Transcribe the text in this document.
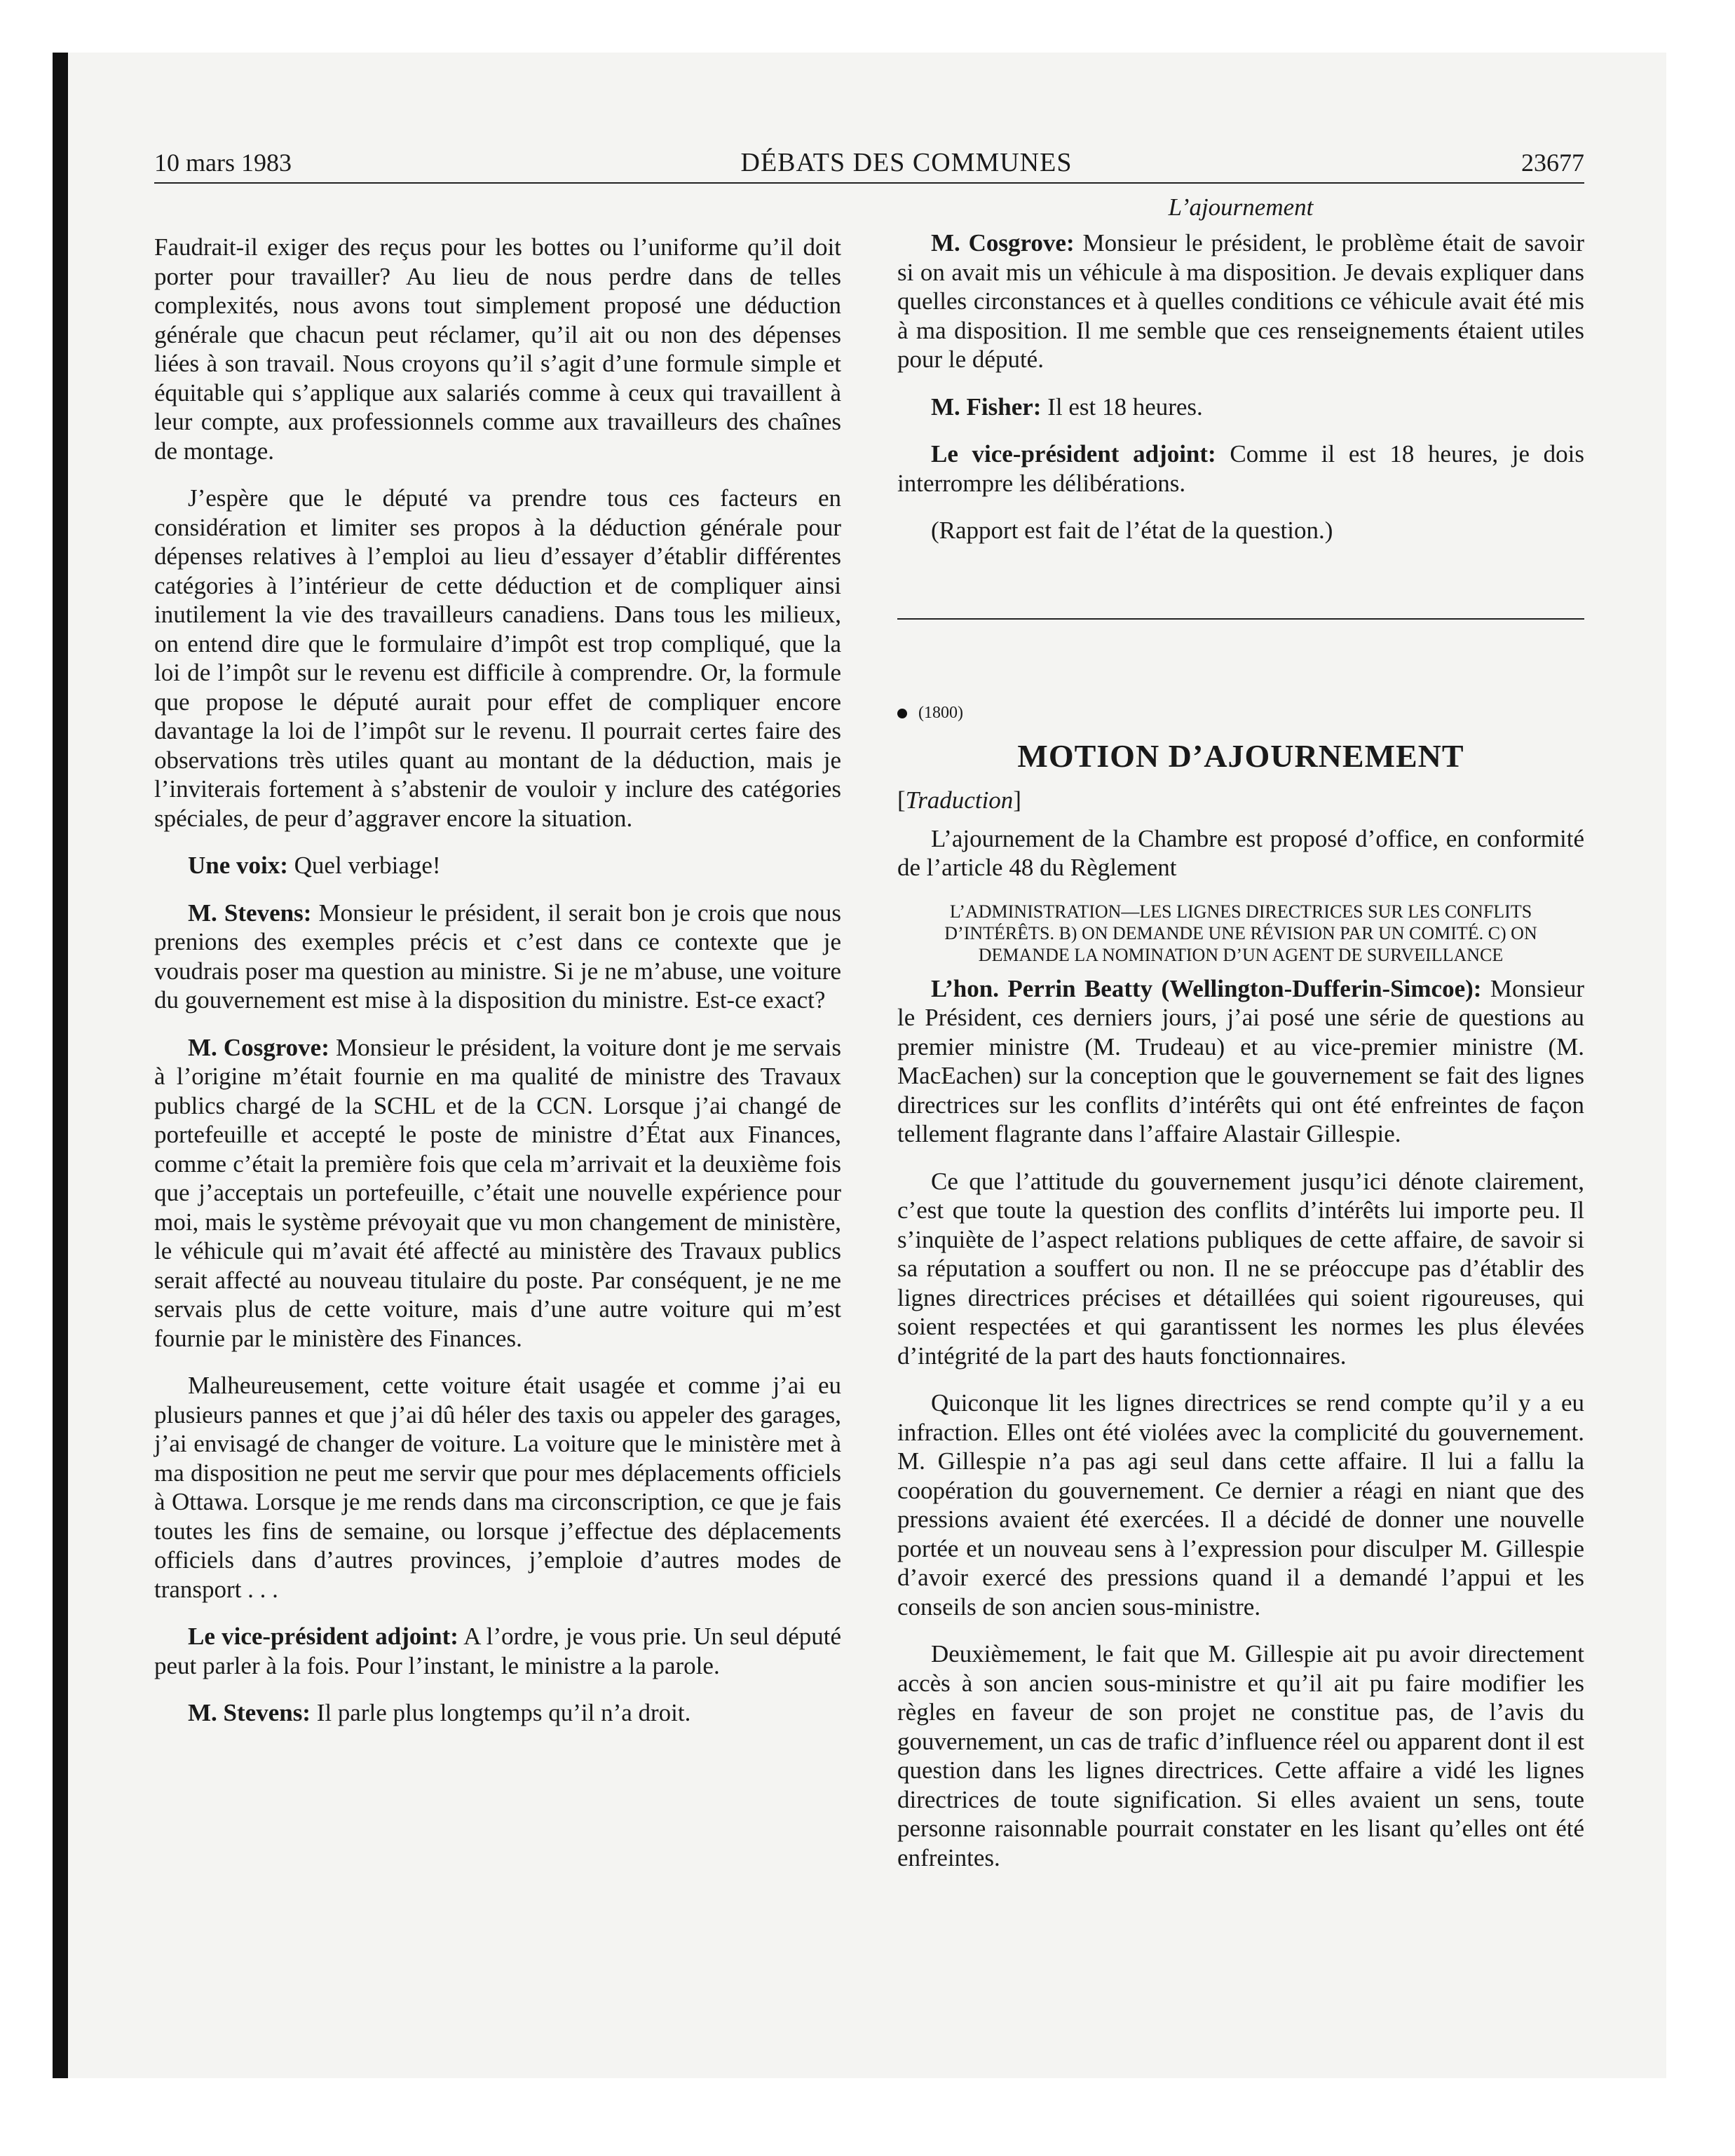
10 mars 1983	DÉBATS DES COMMUNES	23677

Faudrait-il exiger des reçus pour les bottes ou l’uniforme qu’il doit porter pour travailler? Au lieu de nous perdre dans de telles complexités, nous avons tout simplement proposé une déduction générale que chacun peut réclamer, qu’il ait ou non des dépenses liées à son travail. Nous croyons qu’il s’agit d’une formule simple et équitable qui s’applique aux salariés comme à ceux qui travaillent à leur compte, aux professionnels comme aux travailleurs des chaînes de montage.

J’espère que le député va prendre tous ces facteurs en considération et limiter ses propos à la déduction générale pour dépenses relatives à l’emploi au lieu d’essayer d’établir différentes catégories à l’intérieur de cette déduction et de compliquer ainsi inutilement la vie des travailleurs canadiens. Dans tous les milieux, on entend dire que le formulaire d’impôt est trop compliqué, que la loi de l’impôt sur le revenu est difficile à comprendre. Or, la formule que propose le député aurait pour effet de compliquer encore davantage la loi de l’impôt sur le revenu. Il pourrait certes faire des observations très utiles quant au montant de la déduction, mais je l’inviterais fortement à s’abstenir de vouloir y inclure des catégories spéciales, de peur d’aggraver encore la situation.

Une voix: Quel verbiage!

M. Stevens: Monsieur le président, il serait bon je crois que nous prenions des exemples précis et c’est dans ce contexte que je voudrais poser ma question au ministre. Si je ne m’abuse, une voiture du gouvernement est mise à la disposition du ministre. Est-ce exact?

M. Cosgrove: Monsieur le président, la voiture dont je me servais à l’origine m’était fournie en ma qualité de ministre des Travaux publics chargé de la SCHL et de la CCN. Lorsque j’ai changé de portefeuille et accepté le poste de ministre d’État aux Finances, comme c’était la première fois que cela m’arrivait et la deuxième fois que j’acceptais un portefeuille, c’était une nouvelle expérience pour moi, mais le système prévoyait que vu mon changement de ministère, le véhicule qui m’avait été affecté au ministère des Travaux publics serait affecté au nouveau titulaire du poste. Par conséquent, je ne me servais plus de cette voiture, mais d’une autre voiture qui m’est fournie par le ministère des Finances.

Malheureusement, cette voiture était usagée et comme j’ai eu plusieurs pannes et que j’ai dû héler des taxis ou appeler des garages, j’ai envisagé de changer de voiture. La voiture que le ministère met à ma disposition ne peut me servir que pour mes déplacements officiels à Ottawa. Lorsque je me rends dans ma circonscription, ce que je fais toutes les fins de semaine, ou lorsque j’effectue des déplacements officiels dans d’autres provinces, j’emploie d’autres modes de transport . . .

Le vice-président adjoint: A l’ordre, je vous prie. Un seul député peut parler à la fois. Pour l’instant, le ministre a la parole.

M. Stevens: Il parle plus longtemps qu’il n’a droit.

L’ajournement

M. Cosgrove: Monsieur le président, le problème était de savoir si on avait mis un véhicule à ma disposition. Je devais expliquer dans quelles circonstances et à quelles conditions ce véhicule avait été mis à ma disposition. Il me semble que ces renseignements étaient utiles pour le député.

M. Fisher: Il est 18 heures.

Le vice-président adjoint: Comme il est 18 heures, je dois interrompre les délibérations.

(Rapport est fait de l’état de la question.)

(1800)
MOTION D’AJOURNEMENT
[Traduction]

L’ajournement de la Chambre est proposé d’office, en conformité de l’article 48 du Règlement

L’ADMINISTRATION—LES LIGNES DIRECTRICES SUR LES CONFLITS D’INTÉRÊTS. B) ON DEMANDE UNE RÉVISION PAR UN COMITÉ. C) ON DEMANDE LA NOMINATION D’UN AGENT DE SURVEILLANCE

L’hon. Perrin Beatty (Wellington-Dufferin-Simcoe): Monsieur le Président, ces derniers jours, j’ai posé une série de questions au premier ministre (M. Trudeau) et au vice-premier ministre (M. MacEachen) sur la conception que le gouvernement se fait des lignes directrices sur les conflits d’intérêts qui ont été enfreintes de façon tellement flagrante dans l’affaire Alastair Gillespie.

Ce que l’attitude du gouvernement jusqu’ici dénote clairement, c’est que toute la question des conflits d’intérêts lui importe peu. Il s’inquiète de l’aspect relations publiques de cette affaire, de savoir si sa réputation a souffert ou non. Il ne se préoccupe pas d’établir des lignes directrices précises et détaillées qui soient rigoureuses, qui soient respectées et qui garantissent les normes les plus élevées d’intégrité de la part des hauts fonctionnaires.

Quiconque lit les lignes directrices se rend compte qu’il y a eu infraction. Elles ont été violées avec la complicité du gouvernement. M. Gillespie n’a pas agi seul dans cette affaire. Il lui a fallu la coopération du gouvernement. Ce dernier a réagi en niant que des pressions avaient été exercées. Il a décidé de donner une nouvelle portée et un nouveau sens à l’expression pour disculper M. Gillespie d’avoir exercé des pressions quand il a demandé l’appui et les conseils de son ancien sous-ministre.

Deuxièmement, le fait que M. Gillespie ait pu avoir directement accès à son ancien sous-ministre et qu’il ait pu faire modifier les règles en faveur de son projet ne constitue pas, de l’avis du gouvernement, un cas de trafic d’influence réel ou apparent dont il est question dans les lignes directrices. Cette affaire a vidé les lignes directrices de toute signification. Si elles avaient un sens, toute personne raisonnable pourrait constater en les lisant qu’elles ont été enfreintes.
